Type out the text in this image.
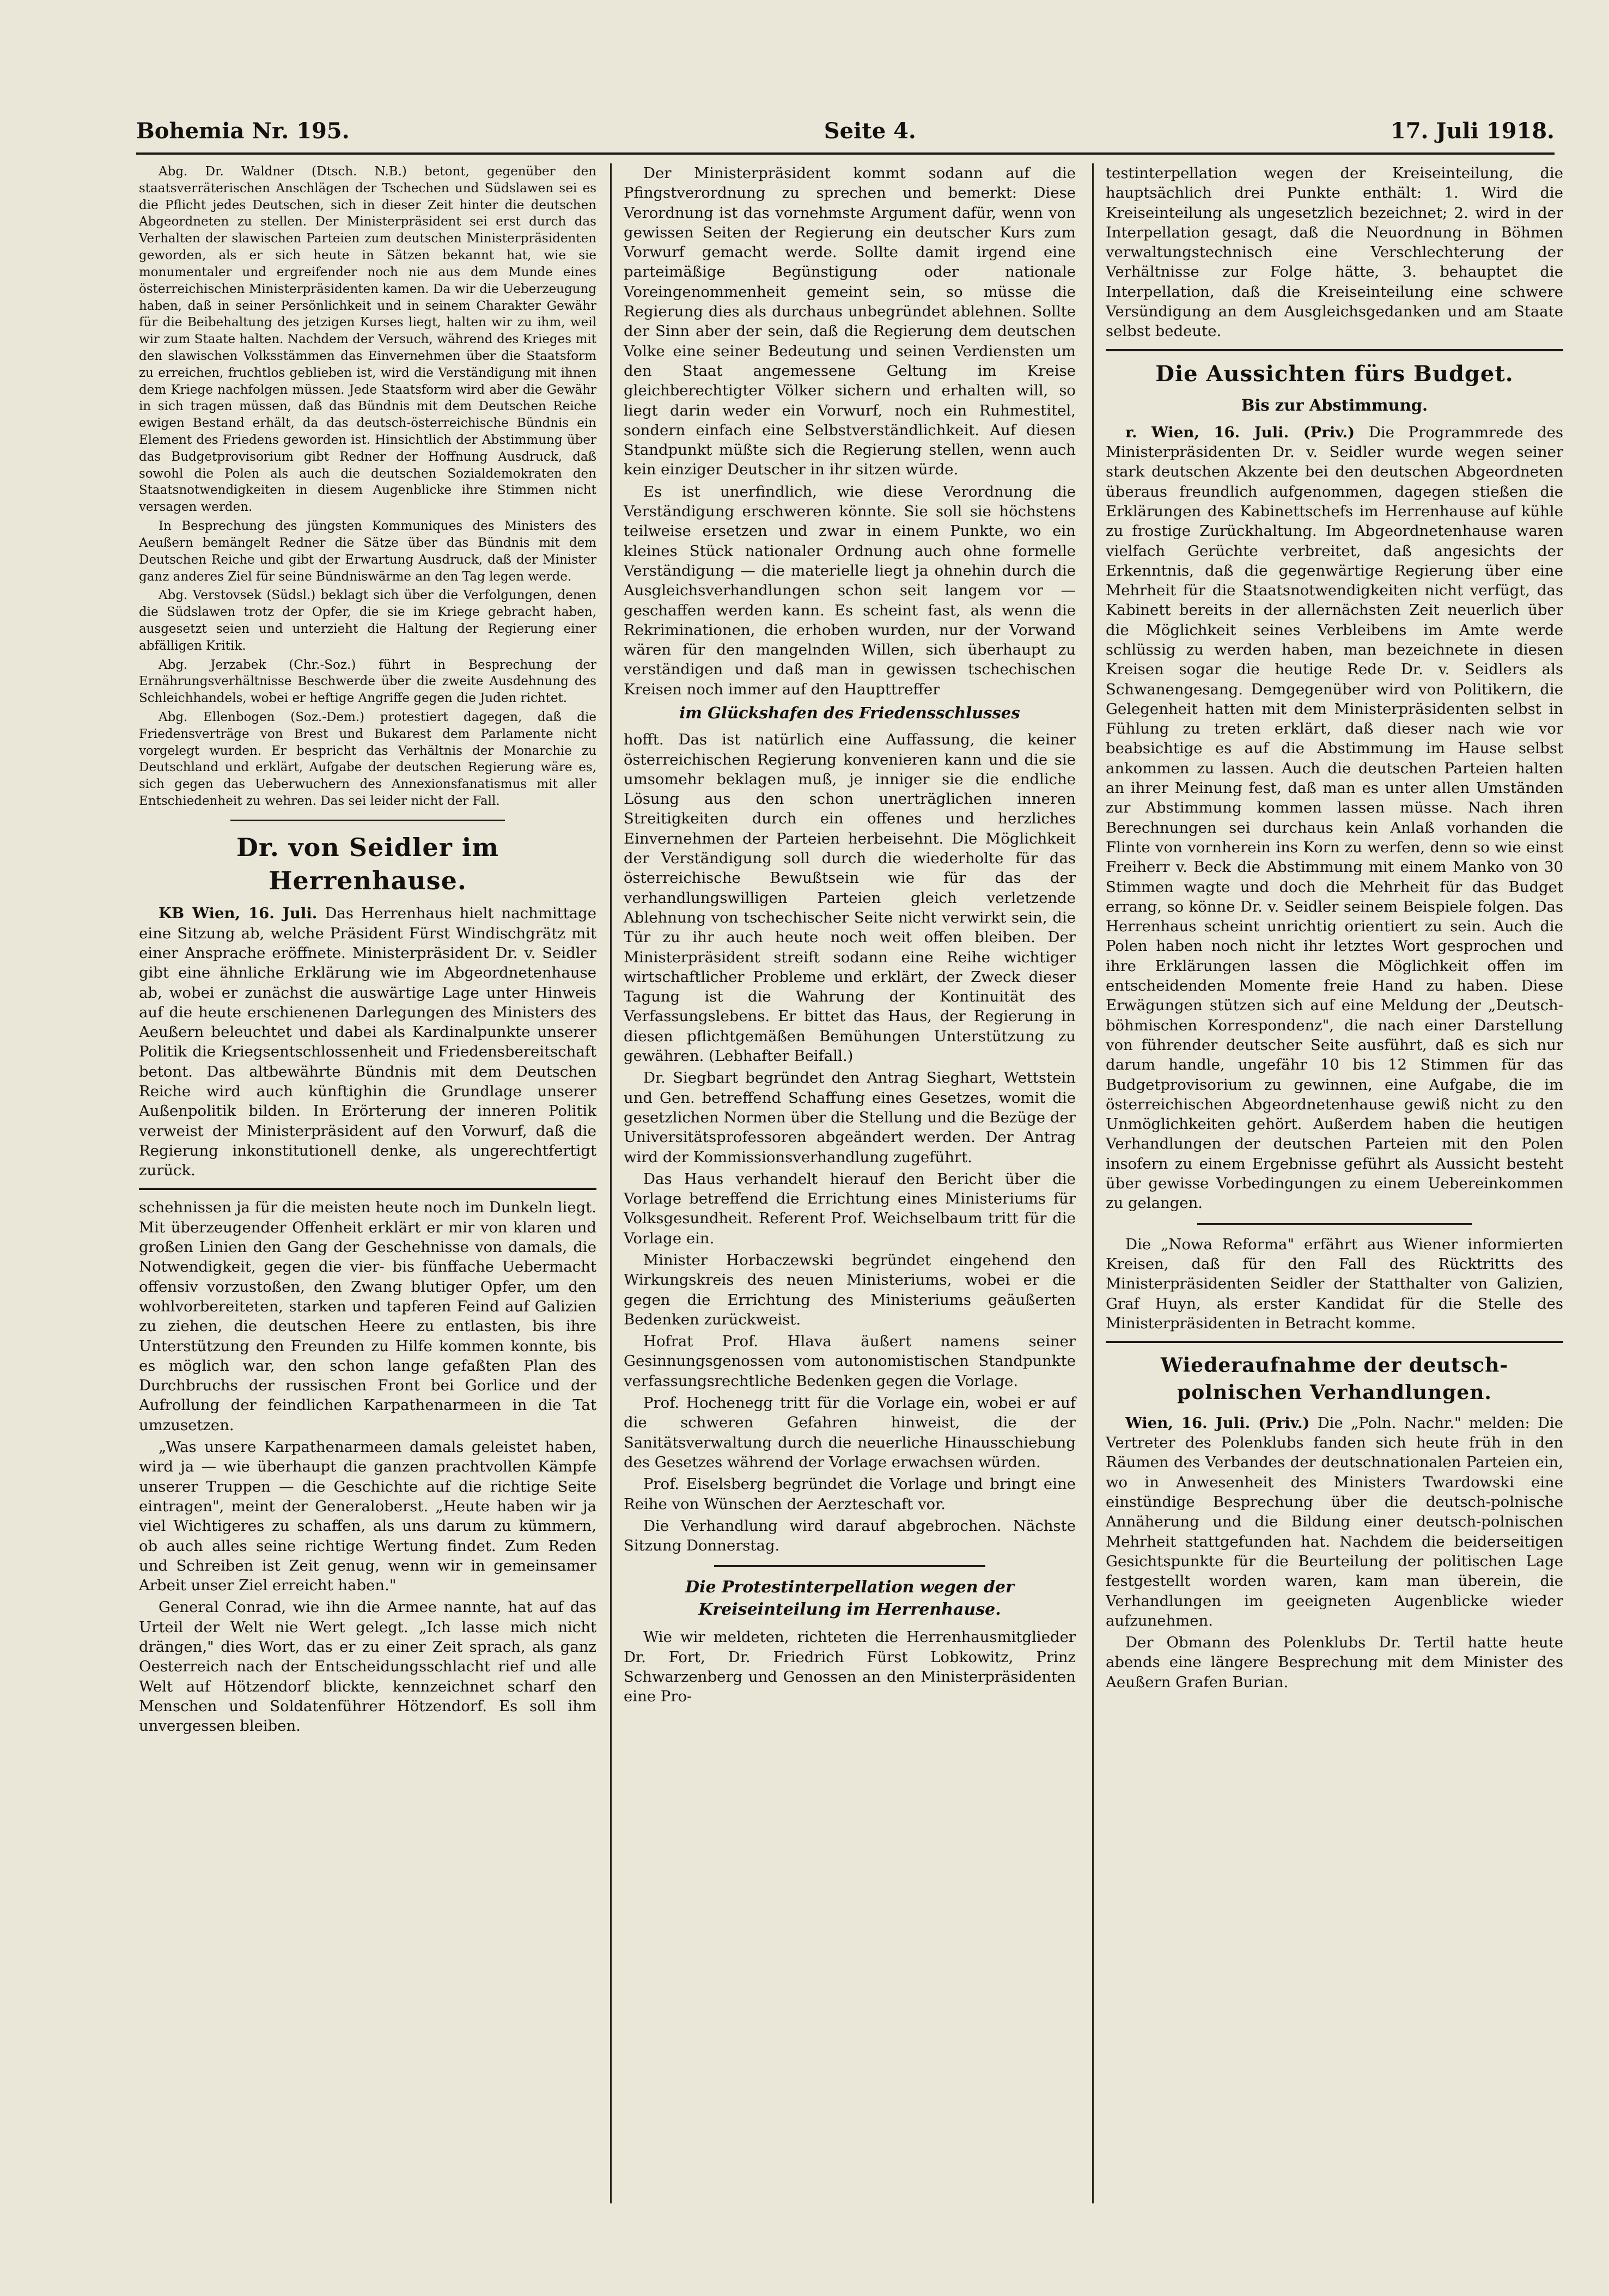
Bohemia Nr. 195.	Seite 4.	17. Juli 1918.

Abg. Dr. Waldner (Dtsch. N.B.) betont, gegenüber den staatsverräterischen Anschlägen der Tschechen und Südslawen sei es die Pflicht jedes Deutschen, sich in dieser Zeit hinter die deutschen Abgeordneten zu stellen. Der Ministerpräsident sei erst durch das Verhalten der slawischen Parteien zum deutschen Ministerpräsidenten geworden, als er sich heute in Sätzen bekannt hat, wie sie monumentaler und ergreifender noch nie aus dem Munde eines österreichischen Ministerpräsidenten kamen. Da wir die Ueberzeugung haben, daß in seiner Persönlichkeit und in seinem Charakter Gewähr für die Beibehaltung des jetzigen Kurses liegt, halten wir zu ihm, weil wir zum Staate halten. Nachdem der Versuch, während des Krieges mit den slawischen Volksstämmen das Einvernehmen über die Staatsform zu erreichen, fruchtlos geblieben ist, wird die Verständigung mit ihnen dem Kriege nachfolgen müssen. Jede Staatsform wird aber die Gewähr in sich tragen müssen, daß das Bündnis mit dem Deutschen Reiche ewigen Bestand erhält, da das deutsch-österreichische Bündnis ein Element des Friedens geworden ist. Hinsichtlich der Abstimmung über das Budgetprovisorium gibt Redner der Hoffnung Ausdruck, daß sowohl die Polen als auch die deutschen Sozialdemokraten den Staatsnotwendigkeiten in diesem Augenblicke ihre Stimmen nicht versagen werden.

In Besprechung des jüngsten Kommuniques des Ministers des Aeußern bemängelt Redner die Sätze über das Bündnis mit dem Deutschen Reiche und gibt der Erwartung Ausdruck, daß der Minister ganz anderes Ziel für seine Bündniswärme an den Tag legen werde.

Abg. Verstovsek (Südsl.) beklagt sich über die Verfolgungen, denen die Südslawen trotz der Opfer, die sie im Kriege gebracht haben, ausgesetzt seien und unterzieht die Haltung der Regierung einer abfälligen Kritik.

Abg. Jerzabek (Chr.-Soz.) führt in Besprechung der Ernährungsverhältnisse Beschwerde über die zweite Ausdehnung des Schleichhandels, wobei er heftige Angriffe gegen die Juden richtet.

Abg. Ellenbogen (Soz.-Dem.) protestiert dagegen, daß die Friedensverträge von Brest und Bukarest dem Parlamente nicht vorgelegt wurden. Er bespricht das Verhältnis der Monarchie zu Deutschland und erklärt, Aufgabe der deutschen Regierung wäre es, sich gegen das Ueberwuchern des Annexionsfanatismus mit aller Entschiedenheit zu wehren. Das sei leider nicht der Fall.

Dr. von Seidler im Herrenhause.

KB Wien, 16. Juli. Das Herrenhaus hielt nachmittage eine Sitzung ab, welche Präsident Fürst Windischgrätz mit einer Ansprache eröffnete. Ministerpräsident Dr. v. Seidler gibt eine ähnliche Erklärung wie im Abgeordnetenhause ab, wobei er zunächst die auswärtige Lage unter Hinweis auf die heute erschienenen Darlegungen des Ministers des Aeußern beleuchtet und dabei als Kardinalpunkte unserer Politik die Kriegsentschlossenheit und Friedensbereitschaft betont. Das altbewährte Bündnis mit dem Deutschen Reiche wird auch künftighin die Grundlage unserer Außenpolitik bilden. In Erörterung der inneren Politik verweist der Ministerpräsident auf den Vorwurf, daß die Regierung inkonstitutionell denke, als ungerechtfertigt zurück.

schehnissen ja für die meisten heute noch im Dunkeln liegt. Mit überzeugender Offenheit erklärt er mir von klaren und großen Linien den Gang der Geschehnisse von damals, die Notwendigkeit, gegen die vier- bis fünffache Uebermacht offensiv vorzustoßen, den Zwang blutiger Opfer, um den wohlvorbereiteten, starken und tapferen Feind auf Galizien zu ziehen, die deutschen Heere zu entlasten, bis ihre Unterstützung den Freunden zu Hilfe kommen konnte, bis es möglich war, den schon lange gefaßten Plan des Durchbruchs der russischen Front bei Gorlice und der Aufrollung der feindlichen Karpathenarmeen in die Tat umzusetzen.

„Was unsere Karpathenarmeen damals geleistet haben, wird ja — wie überhaupt die ganzen prachtvollen Kämpfe unserer Truppen — die Geschichte auf die richtige Seite eintragen", meint der Generaloberst. „Heute haben wir ja viel Wichtigeres zu schaffen, als uns darum zu kümmern, ob auch alles seine richtige Wertung findet. Zum Reden und Schreiben ist Zeit genug, wenn wir in gemeinsamer Arbeit unser Ziel erreicht haben."

General Conrad, wie ihn die Armee nannte, hat auf das Urteil der Welt nie Wert gelegt. „Ich lasse mich nicht drängen," dies Wort, das er zu einer Zeit sprach, als ganz Oesterreich nach der Entscheidungsschlacht rief und alle Welt auf Hötzendorf blickte, kennzeichnet scharf den Menschen und Soldatenführer Hötzendorf. Es soll ihm unvergessen bleiben.

Der Ministerpräsident kommt sodann auf die Pfingstverordnung zu sprechen und bemerkt: Diese Verordnung ist das vornehmste Argument dafür, wenn von gewissen Seiten der Regierung ein deutscher Kurs zum Vorwurf gemacht werde. Sollte damit irgend eine parteimäßige Begünstigung oder nationale Voreingenommenheit gemeint sein, so müsse die Regierung dies als durchaus unbegründet ablehnen. Sollte der Sinn aber der sein, daß die Regierung dem deutschen Volke eine seiner Bedeutung und seinen Verdiensten um den Staat angemessene Geltung im Kreise gleichberechtigter Völker sichern und erhalten will, so liegt darin weder ein Vorwurf, noch ein Ruhmestitel, sondern einfach eine Selbstverständlichkeit. Auf diesen Standpunkt müßte sich die Regierung stellen, wenn auch kein einziger Deutscher in ihr sitzen würde.

Es ist unerfindlich, wie diese Verordnung die Verständigung erschweren könnte. Sie soll sie höchstens teilweise ersetzen und zwar in einem Punkte, wo ein kleines Stück nationaler Ordnung auch ohne formelle Verständigung — die materielle liegt ja ohnehin durch die Ausgleichsverhandlungen schon seit langem vor — geschaffen werden kann. Es scheint fast, als wenn die Rekriminationen, die erhoben wurden, nur der Vorwand wären für den mangelnden Willen, sich überhaupt zu verständigen und daß man in gewissen tschechischen Kreisen noch immer auf den Haupttreffer

im Glückshafen des Friedensschlusses

hofft. Das ist natürlich eine Auffassung, die keiner österreichischen Regierung konvenieren kann und die sie umsomehr beklagen muß, je inniger sie die endliche Lösung aus den schon unerträglichen inneren Streitigkeiten durch ein offenes und herzliches Einvernehmen der Parteien herbeisehnt. Die Möglichkeit der Verständigung soll durch die wiederholte für das österreichische Bewußtsein wie für das der verhandlungswilligen Parteien gleich verletzende Ablehnung von tschechischer Seite nicht verwirkt sein, die Tür zu ihr auch heute noch weit offen bleiben. Der Ministerpräsident streift sodann eine Reihe wichtiger wirtschaftlicher Probleme und erklärt, der Zweck dieser Tagung ist die Wahrung der Kontinuität des Verfassungslebens. Er bittet das Haus, der Regierung in diesen pflichtgemäßen Bemühungen Unterstützung zu gewähren. (Lebhafter Beifall.)

Dr. Siegbart begründet den Antrag Sieghart, Wettstein und Gen. betreffend Schaffung eines Gesetzes, womit die gesetzlichen Normen über die Stellung und die Bezüge der Universitätsprofessoren abgeändert werden. Der Antrag wird der Kommissionsverhandlung zugeführt.

Das Haus verhandelt hierauf den Bericht über die Vorlage betreffend die Errichtung eines Ministeriums für Volksgesundheit. Referent Prof. Weichselbaum tritt für die Vorlage ein.

Minister Horbaczewski begründet eingehend den Wirkungskreis des neuen Ministeriums, wobei er die gegen die Errichtung des Ministeriums geäußerten Bedenken zurückweist.

Hofrat Prof. Hlava äußert namens seiner Gesinnungsgenossen vom autonomistischen Standpunkte verfassungsrechtliche Bedenken gegen die Vorlage.

Prof. Hochenegg tritt für die Vorlage ein, wobei er auf die schweren Gefahren hinweist, die der Sanitätsverwaltung durch die neuerliche Hinausschiebung des Gesetzes während der Vorlage erwachsen würden.

Prof. Eiselsberg begründet die Vorlage und bringt eine Reihe von Wünschen der Aerzteschaft vor.

Die Verhandlung wird darauf abgebrochen. Nächste Sitzung Donnerstag.

Die Protestinterpellation wegen der Kreiseinteilung im Herrenhause.

Wie wir meldeten, richteten die Herrenhausmitglieder Dr. Fort, Dr. Friedrich Fürst Lobkowitz, Prinz Schwarzenberg und Genossen an den Ministerpräsidenten eine Pro-

testinterpellation wegen der Kreiseinteilung, die hauptsächlich drei Punkte enthält: 1. Wird die Kreiseinteilung als ungesetzlich bezeichnet; 2. wird in der Interpellation gesagt, daß die Neuordnung in Böhmen verwaltungstechnisch eine Verschlechterung der Verhältnisse zur Folge hätte, 3. behauptet die Interpellation, daß die Kreiseinteilung eine schwere Versündigung an dem Ausgleichsgedanken und am Staate selbst bedeute.

Die Aussichten fürs Budget.
Bis zur Abstimmung.

r. Wien, 16. Juli. (Priv.) Die Programmrede des Ministerpräsidenten Dr. v. Seidler wurde wegen seiner stark deutschen Akzente bei den deutschen Abgeordneten überaus freundlich aufgenommen, dagegen stießen die Erklärungen des Kabinettschefs im Herrenhause auf kühle zu frostige Zurückhaltung. Im Abgeordnetenhause waren vielfach Gerüchte verbreitet, daß angesichts der Erkenntnis, daß die gegenwärtige Regierung über eine Mehrheit für die Staatsnotwendigkeiten nicht verfügt, das Kabinett bereits in der allernächsten Zeit neuerlich über die Möglichkeit seines Verbleibens im Amte werde schlüssig zu werden haben, man bezeichnete in diesen Kreisen sogar die heutige Rede Dr. v. Seidlers als Schwanengesang. Demgegenüber wird von Politikern, die Gelegenheit hatten mit dem Ministerpräsidenten selbst in Fühlung zu treten erklärt, daß dieser nach wie vor beabsichtige es auf die Abstimmung im Hause selbst ankommen zu lassen. Auch die deutschen Parteien halten an ihrer Meinung fest, daß man es unter allen Umständen zur Abstimmung kommen lassen müsse. Nach ihren Berechnungen sei durchaus kein Anlaß vorhanden die Flinte von vornherein ins Korn zu werfen, denn so wie einst Freiherr v. Beck die Abstimmung mit einem Manko von 30 Stimmen wagte und doch die Mehrheit für das Budget errang, so könne Dr. v. Seidler seinem Beispiele folgen. Das Herrenhaus scheint unrichtig orientiert zu sein. Auch die Polen haben noch nicht ihr letztes Wort gesprochen und ihre Erklärungen lassen die Möglichkeit offen im entscheidenden Momente freie Hand zu haben. Diese Erwägungen stützen sich auf eine Meldung der „Deutsch-böhmischen Korrespondenz", die nach einer Darstellung von führender deutscher Seite ausführt, daß es sich nur darum handle, ungefähr 10 bis 12 Stimmen für das Budgetprovisorium zu gewinnen, eine Aufgabe, die im österreichischen Abgeordnetenhause gewiß nicht zu den Unmöglichkeiten gehört. Außerdem haben die heutigen Verhandlungen der deutschen Parteien mit den Polen insofern zu einem Ergebnisse geführt als Aussicht besteht über gewisse Vorbedingungen zu einem Uebereinkommen zu gelangen.

Die „Nowa Reforma" erfährt aus Wiener informierten Kreisen, daß für den Fall des Rücktritts des Ministerpräsidenten Seidler der Statthalter von Galizien, Graf Huyn, als erster Kandidat für die Stelle des Ministerpräsidenten in Betracht komme.

Wiederaufnahme der deutsch-polnischen Verhandlungen.

Wien, 16. Juli. (Priv.) Die „Poln. Nachr." melden: Die Vertreter des Polenklubs fanden sich heute früh in den Räumen des Verbandes der deutschnationalen Parteien ein, wo in Anwesenheit des Ministers Twardowski eine einstündige Besprechung über die deutsch-polnische Annäherung und die Bildung einer deutsch-polnischen Mehrheit stattgefunden hat. Nachdem die beiderseitigen Gesichtspunkte für die Beurteilung der politischen Lage festgestellt worden waren, kam man überein, die Verhandlungen im geeigneten Augenblicke wieder aufzunehmen.

Der Obmann des Polenklubs Dr. Tertil hatte heute abends eine längere Besprechung mit dem Minister des Aeußern Grafen Burian.
